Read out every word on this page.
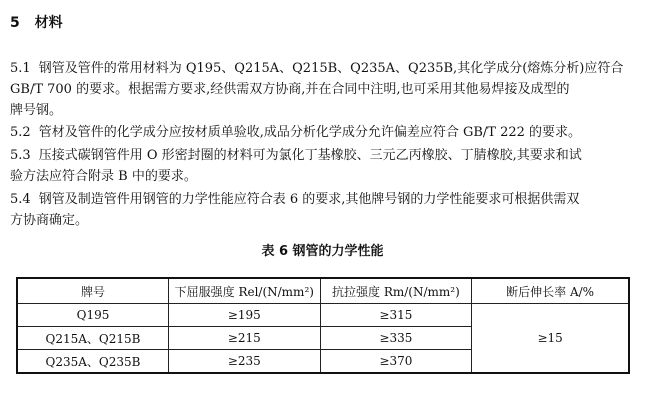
5 材料
5.1 钢管及管件的常用材料为 Q195、Q215A、Q215B、Q235A、Q235B,其化学成分(熔炼分析)应符合
GB/T 700 的要求。根据需方要求,经供需双方协商,并在合同中注明,也可采用其他易焊接及成型的
牌号钢。
5.2 管材及管件的化学成分应按材质单验收,成品分析化学成分允许偏差应符合 GB/T 222 的要求。
5.3 压接式碳钢管件用 O 形密封圈的材料可为氯化丁基橡胶、三元乙丙橡胶、丁腈橡胶,其要求和试
验方法应符合附录 B 中的要求。
5.4 钢管及制造管件用钢管的力学性能应符合表 6 的要求,其他牌号钢的力学性能要求可根据供需双
方协商确定。
表 6 钢管的力学性能
牌号	下屈服强度 Rel/(N/mm²)	抗拉强度 Rm/(N/mm²)	断后伸长率 A/%
Q195	≥195	≥315	≥15
Q215A、Q215B	≥215	≥335	
Q235A、Q235B	≥235	≥370	
